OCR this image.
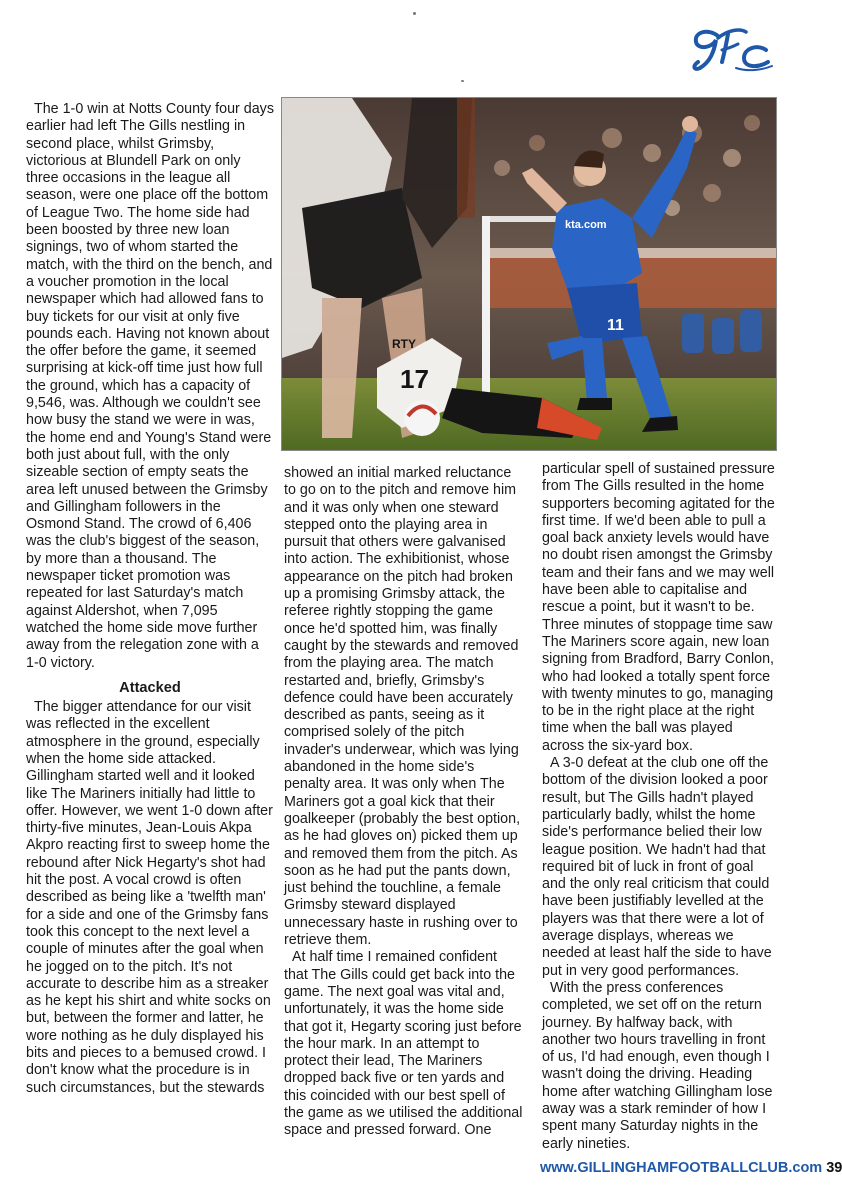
17
RTY
kta.com
11

The 1-0 win at Notts County four days earlier had left The Gills nestling in second place, whilst Grimsby, victorious at Blundell Park on only three occasions in the league all season, were one place off the bottom of League Two. The home side had been boosted by three new loan signings, two of whom started the match, with the third on the bench, and a voucher promotion in the local newspaper which had allowed fans to buy tickets for our visit at only five pounds each. Having not known about the offer before the game, it seemed surprising at kick-off time just how full the ground, which has a capacity of 9,546, was. Although we couldn't see how busy the stand we were in was, the home end and Young's Stand were both just about full, with the only sizeable section of empty seats the area left unused between the Grimsby and Gillingham followers in the Osmond Stand. The crowd of 6,406 was the club's biggest of the season, by more than a thousand. The newspaper ticket promotion was repeated for last Saturday's match against Aldershot, when 7,095 watched the home side move further away from the relegation zone with a 1-0 victory.

Attacked

The bigger attendance for our visit was reflected in the excellent atmosphere in the ground, especially when the home side attacked. Gillingham started well and it looked like The Mariners initially had little to offer. However, we went 1-0 down after thirty-five minutes, Jean-Louis Akpa Akpro reacting first to sweep home the rebound after Nick Hegarty's shot had hit the post. A vocal crowd is often described as being like a 'twelfth man' for a side and one of the Grimsby fans took this concept to the next level a couple of minutes after the goal when he jogged on to the pitch. It's not accurate to describe him as a streaker as he kept his shirt and white socks on but, between the former and latter, he wore nothing as he duly displayed his bits and pieces to a bemused crowd. I don't know what the procedure is in such circumstances, but the stewards

showed an initial marked reluctance to go on to the pitch and remove him and it was only when one steward stepped onto the playing area in pursuit that others were galvanised into action. The exhibitionist, whose appearance on the pitch had broken up a promising Grimsby attack, the referee rightly stopping the game once he'd spotted him, was finally caught by the stewards and removed from the playing area. The match restarted and, briefly, Grimsby's defence could have been accurately described as pants, seeing as it comprised solely of the pitch invader's underwear, which was lying abandoned in the home side's penalty area. It was only when The Mariners got a goal kick that their goalkeeper (probably the best option, as he had gloves on) picked them up and removed them from the pitch. As soon as he had put the pants down, just behind the touchline, a female Grimsby steward displayed unnecessary haste in rushing over to retrieve them.

At half time I remained confident that The Gills could get back into the game. The next goal was vital and, unfortunately, it was the home side that got it, Hegarty scoring just before the hour mark. In an attempt to protect their lead, The Mariners dropped back five or ten yards and this coincided with our best spell of the game as we utilised the additional space and pressed forward. One

particular spell of sustained pressure from The Gills resulted in the home supporters becoming agitated for the first time. If we'd been able to pull a goal back anxiety levels would have no doubt risen amongst the Grimsby team and their fans and we may well have been able to capitalise and rescue a point, but it wasn't to be. Three minutes of stoppage time saw The Mariners score again, new loan signing from Bradford, Barry Conlon, who had looked a totally spent force with twenty minutes to go, managing to be in the right place at the right time when the ball was played across the six-yard box.

A 3-0 defeat at the club one off the bottom of the division looked a poor result, but The Gills hadn't played particularly badly, whilst the home side's performance belied their low league position. We hadn't had that required bit of luck in front of goal and the only real criticism that could have been justifiably levelled at the players was that there were a lot of average displays, whereas we needed at least half the side to have put in very good performances.

With the press conferences completed, we set off on the return journey. By halfway back, with another two hours travelling in front of us, I'd had enough, even though I wasn't doing the driving. Heading home after watching Gillingham lose away was a stark reminder of how I spent many Saturday nights in the early nineties.

www.GILLINGHAMFOOTBALLCLUB.com 39
